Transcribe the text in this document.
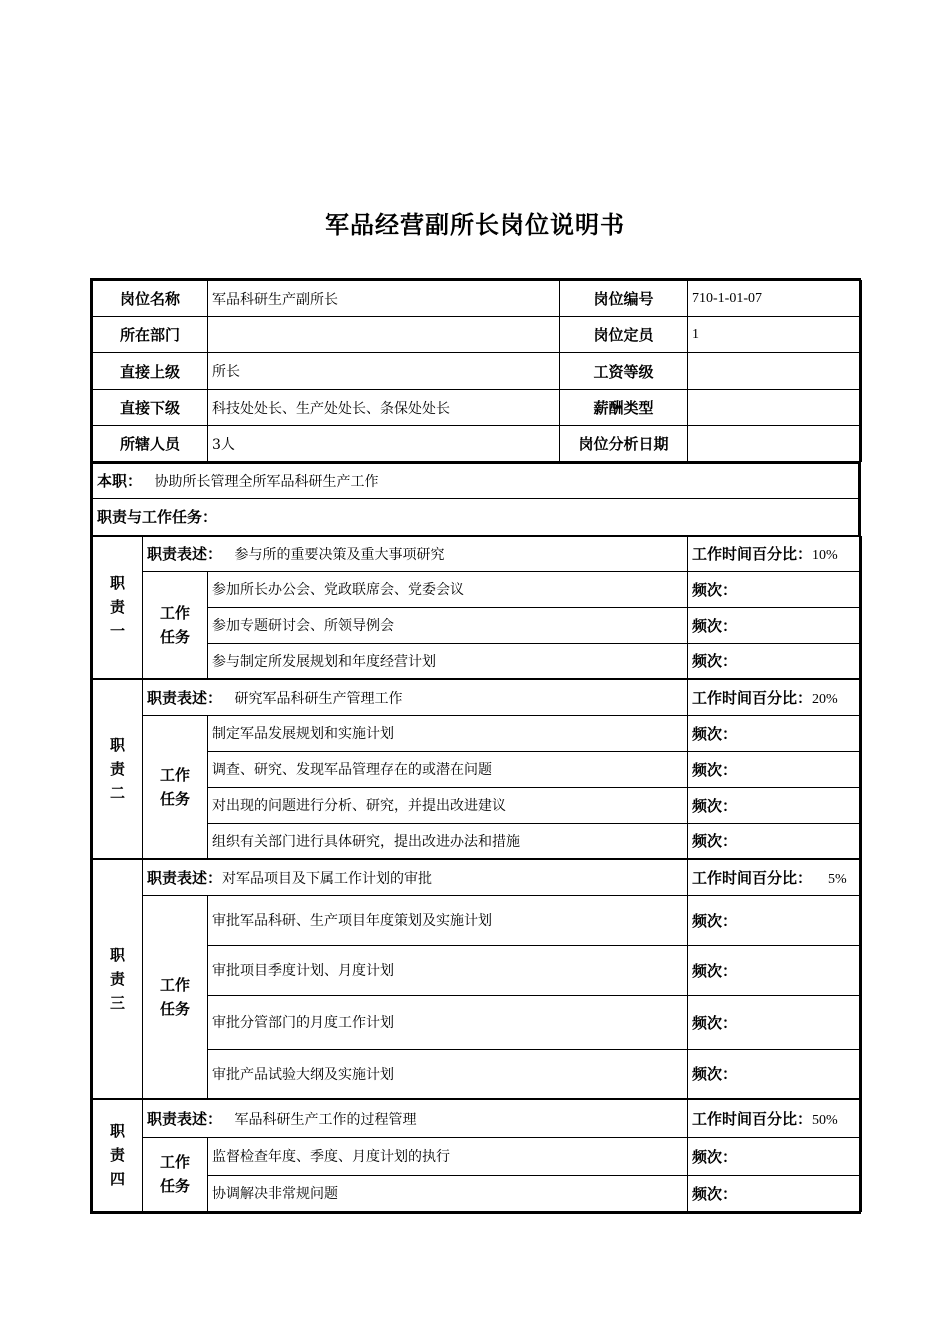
军品经营副所长岗位说明书
岗位名称	军品科研生产副所长	岗位编号	710-1-01-07
所在部门		岗位定员	1
直接上级	所长	工资等级	
直接下级	科技处处长、生产处处长、条保处处长	薪酬类型	
所辖人员	3人	岗位分析日期	
本职： 协助所长管理全所军品科研生产工作
职责与工作任务：
职
责
一	职责表述： 参与所的重要决策及重大事项研究		工作时间百分比：10%
	工作
任务	参加所长办公会、党政联席会、党委会议	频次：
		参加专题研讨会、所领导例会	频次：
		参与制定所发展规划和年度经营计划	频次：
职
责
二	职责表述： 研究军品科研生产管理工作		工作时间百分比：20%
	工作
任务	制定军品发展规划和实施计划	频次：
		调查、研究、发现军品管理存在的或潜在问题	频次：
		对出现的问题进行分析、研究，并提出改进建议	频次：
		组织有关部门进行具体研究，提出改进办法和措施	频次：
职
责
三	职责表述：对军品项目及下属工作计划的审批		工作时间百分比： 5%
	工作
任务	审批军品科研、生产项目年度策划及实施计划	频次：
		审批项目季度计划、月度计划	频次：
		审批分管部门的月度工作计划	频次：
		审批产品试验大纲及实施计划	频次：
职
责
四	职责表述： 军品科研生产工作的过程管理		工作时间百分比：50%
	工作
任务	监督检查年度、季度、月度计划的执行	频次：
		协调解决非常规问题	频次：
